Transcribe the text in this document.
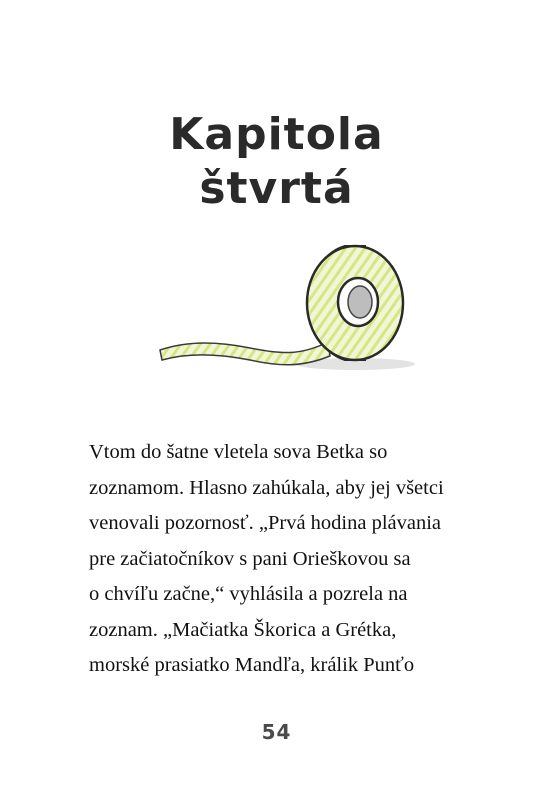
Kapitola
štvrtá

Vtom do šatne vletela sova Betka so

zoznamom. Hlasno zahúkala, aby jej všetci

venovali pozornosť. „Prvá hodina plávania

pre začiatočníkov s pani Orieškovou sa

o chvíľu začne,“ vyhlásila a pozrela na

zoznam. „Mačiatka Škorica a Grétka,

morské prasiatko Mandľa, králik Punťo

54
